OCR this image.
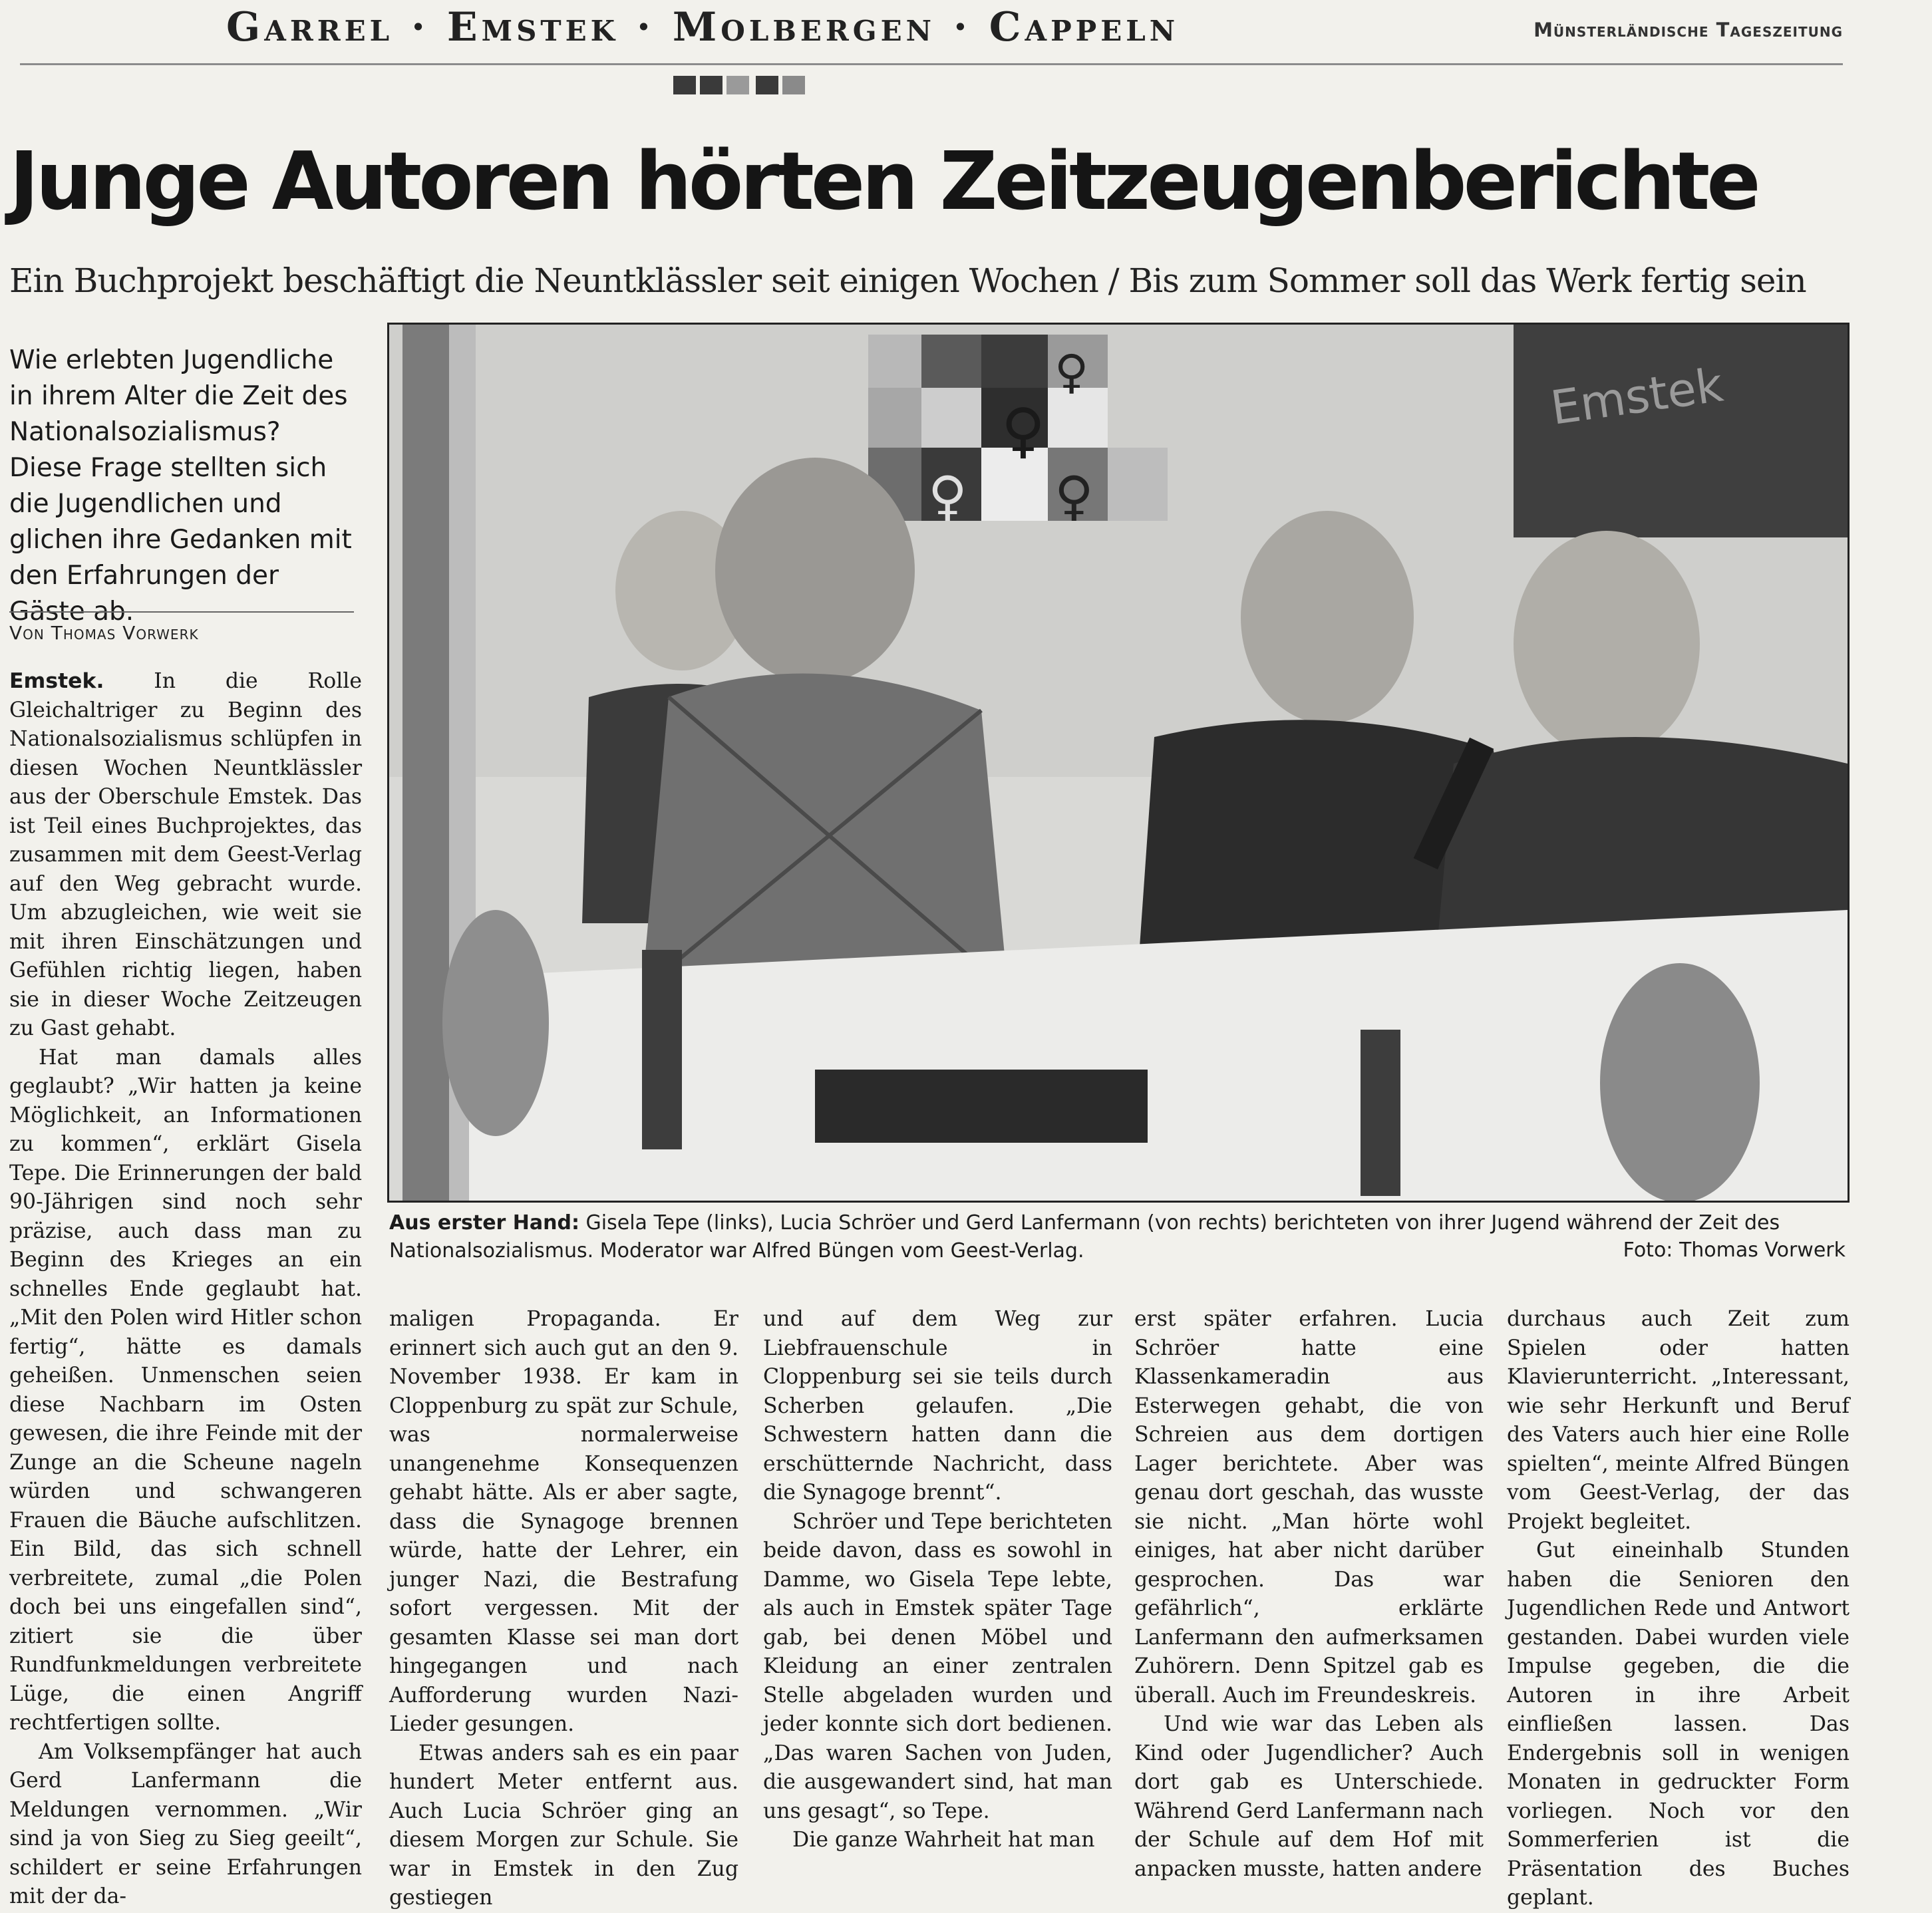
Garrel · Emstek · Molbergen · Cappeln	Münsterländische Tageszeitung
Junge Autoren hörten Zeitzeugenberichte
Ein Buchprojekt beschäftigt die Neuntklässler seit einigen Wochen / Bis zum Sommer soll das Werk fertig sein
Wie erlebten Jugendliche in ihrem Alter die Zeit des Nationalsozialismus? Diese Frage stellten sich die Jugendlichen und glichen ihre Gedanken mit den Erfahrungen der Gäste ab.
Von Thomas Vorwerk

Emstek. In die Rolle Gleichaltriger zu Beginn des Nationalsozialismus schlüpfen in diesen Wochen Neuntklässler aus der Oberschule Emstek. Das ist Teil eines Buchprojektes, das zusammen mit dem Geest-Verlag auf den Weg gebracht wurde. Um abzugleichen, wie weit sie mit ihren Einschätzungen und Gefühlen richtig liegen, haben sie in dieser Woche Zeitzeugen zu Gast gehabt.

Hat man damals alles geglaubt? „Wir hatten ja keine Möglichkeit, an Informationen zu kommen“, erklärt Gisela Tepe. Die Erinnerungen der bald 90-Jährigen sind noch sehr präzise, auch dass man zu Beginn des Krieges an ein schnelles Ende geglaubt hat. „Mit den Polen wird Hitler schon fertig“, hätte es damals geheißen. Unmenschen seien diese Nachbarn im Osten gewesen, die ihre Feinde mit der Zunge an die Scheune nageln würden und schwangeren Frauen die Bäuche aufschlitzen. Ein Bild, das sich schnell verbreitete, zumal „die Polen doch bei uns eingefallen sind“, zitiert sie die über Rundfunkmeldungen verbreitete Lüge, die einen Angriff rechtfertigen sollte.

Am Volksempfänger hat auch Gerd Lanfermann die Meldungen vernommen. „Wir sind ja von Sieg zu Sieg geeilt“, schildert er seine Erfahrungen mit der da-

maligen Propaganda. Er erinnert sich auch gut an den 9. November 1938. Er kam in Cloppenburg zu spät zur Schule, was normalerweise unangenehme Konsequenzen gehabt hätte. Als er aber sagte, dass die Synagoge brennen würde, hatte der Lehrer, ein junger Nazi, die Bestrafung sofort vergessen. Mit der gesamten Klasse sei man dort hingegangen und nach Aufforderung wurden Nazi-Lieder gesungen.

Etwas anders sah es ein paar hundert Meter entfernt aus. Auch Lucia Schröer ging an diesem Morgen zur Schule. Sie war in Emstek in den Zug gestiegen

und auf dem Weg zur Liebfrauenschule in Cloppenburg sei sie teils durch Scherben gelaufen. „Die Schwestern hatten dann die erschütternde Nachricht, dass die Synagoge brennt“.

Schröer und Tepe berichteten beide davon, dass es sowohl in Damme, wo Gisela Tepe lebte, als auch in Emstek später Tage gab, bei denen Möbel und Kleidung an einer zentralen Stelle abgeladen wurden und jeder konnte sich dort bedienen. „Das waren Sachen von Juden, die ausgewandert sind, hat man uns gesagt“, so Tepe.

Die ganze Wahrheit hat man

erst später erfahren. Lucia Schröer hatte eine Klassenkameradin aus Esterwegen gehabt, die von Schreien aus dem dortigen Lager berichtete. Aber was genau dort geschah, das wusste sie nicht. „Man hörte wohl einiges, hat aber nicht darüber gesprochen. Das war gefährlich“, erklärte Lanfermann den aufmerksamen Zuhörern. Denn Spitzel gab es überall. Auch im Freundeskreis.

Und wie war das Leben als Kind oder Jugendlicher? Auch dort gab es Unterschiede. Während Gerd Lanfermann nach der Schule auf dem Hof mit anpacken musste, hatten andere

durchaus auch Zeit zum Spielen oder hatten Klavierunterricht. „Interessant, wie sehr Herkunft und Beruf des Vaters auch hier eine Rolle spielten“, meinte Alfred Büngen vom Geest-Verlag, der das Projekt begleitet.

Gut eineinhalb Stunden haben die Senioren den Jugendlichen Rede und Antwort gestanden. Dabei wurden viele Impulse gegeben, die die Autoren in ihre Arbeit einfließen lassen. Das Endergebnis soll in wenigen Monaten in gedruckter Form vorliegen. Noch vor den Sommerferien ist die Präsentation des Buches geplant.

♀
♀
♀
♀
Emstek
Aus erster Hand: Gisela Tepe (links), Lucia Schröer und Gerd Lanfermann (von rechts) berichteten von ihrer Jugend während der Zeit des Nationalsozialismus. Moderator war Alfred Büngen vom Geest-Verlag.	Foto: Thomas Vorwerk
